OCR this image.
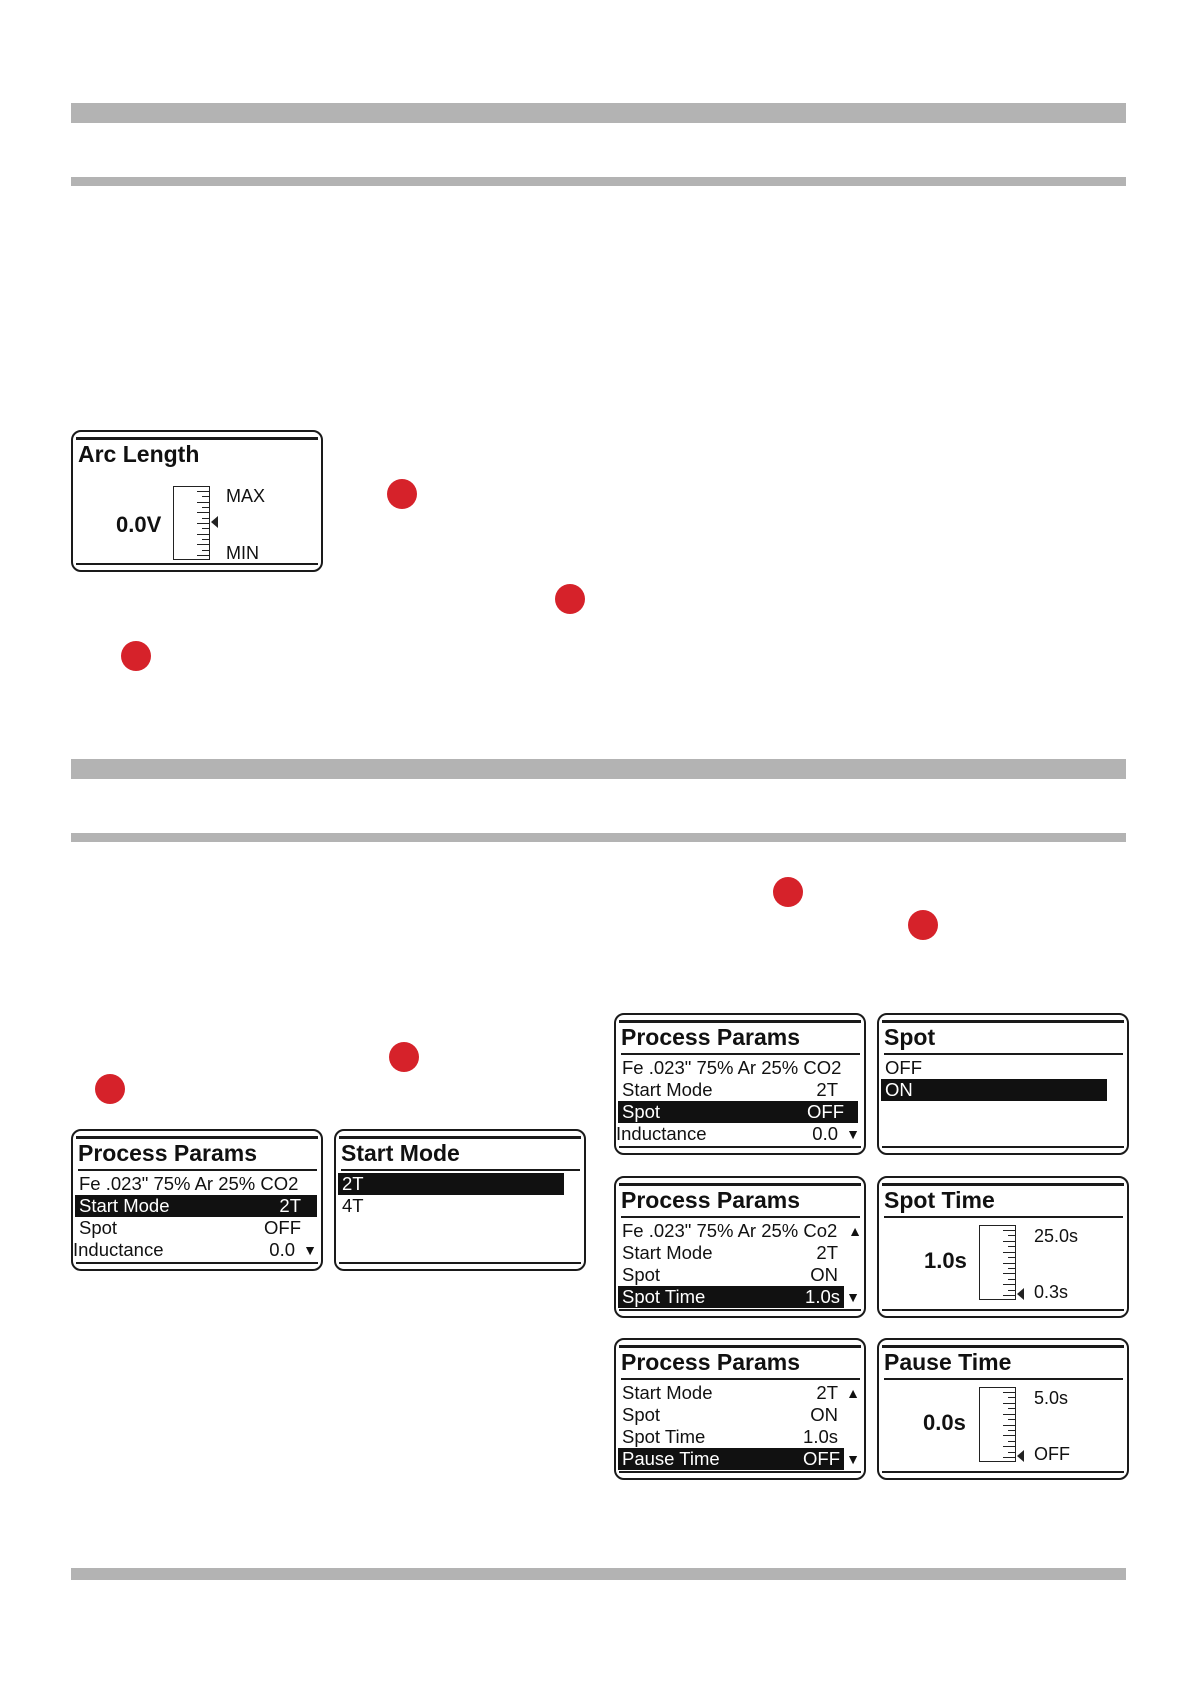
Arc Length
0.0V
MAX
MIN
Process Params
Fe .023" 75% Ar 25% CO2
Start Mode	2T
Spot	OFF
Inductance	0.0 ▼
Start Mode
2T
4T
Process Params
Fe .023" 75% Ar 25% CO2
Start Mode	2T
Spot	OFF
Inductance	0.0 ▼
Spot
OFF
ON
Process Params
Fe .023" 75% Ar 25% Co2 ▲
Start Mode	2T
Spot	ON
Spot Time	1.0s ▼
Spot Time
1.0s
25.0s
0.3s
Process Params
Start Mode	2T ▲
Spot	ON
Spot Time	1.0s
Pause Time	OFF ▼
Pause Time
0.0s
5.0s
OFF
